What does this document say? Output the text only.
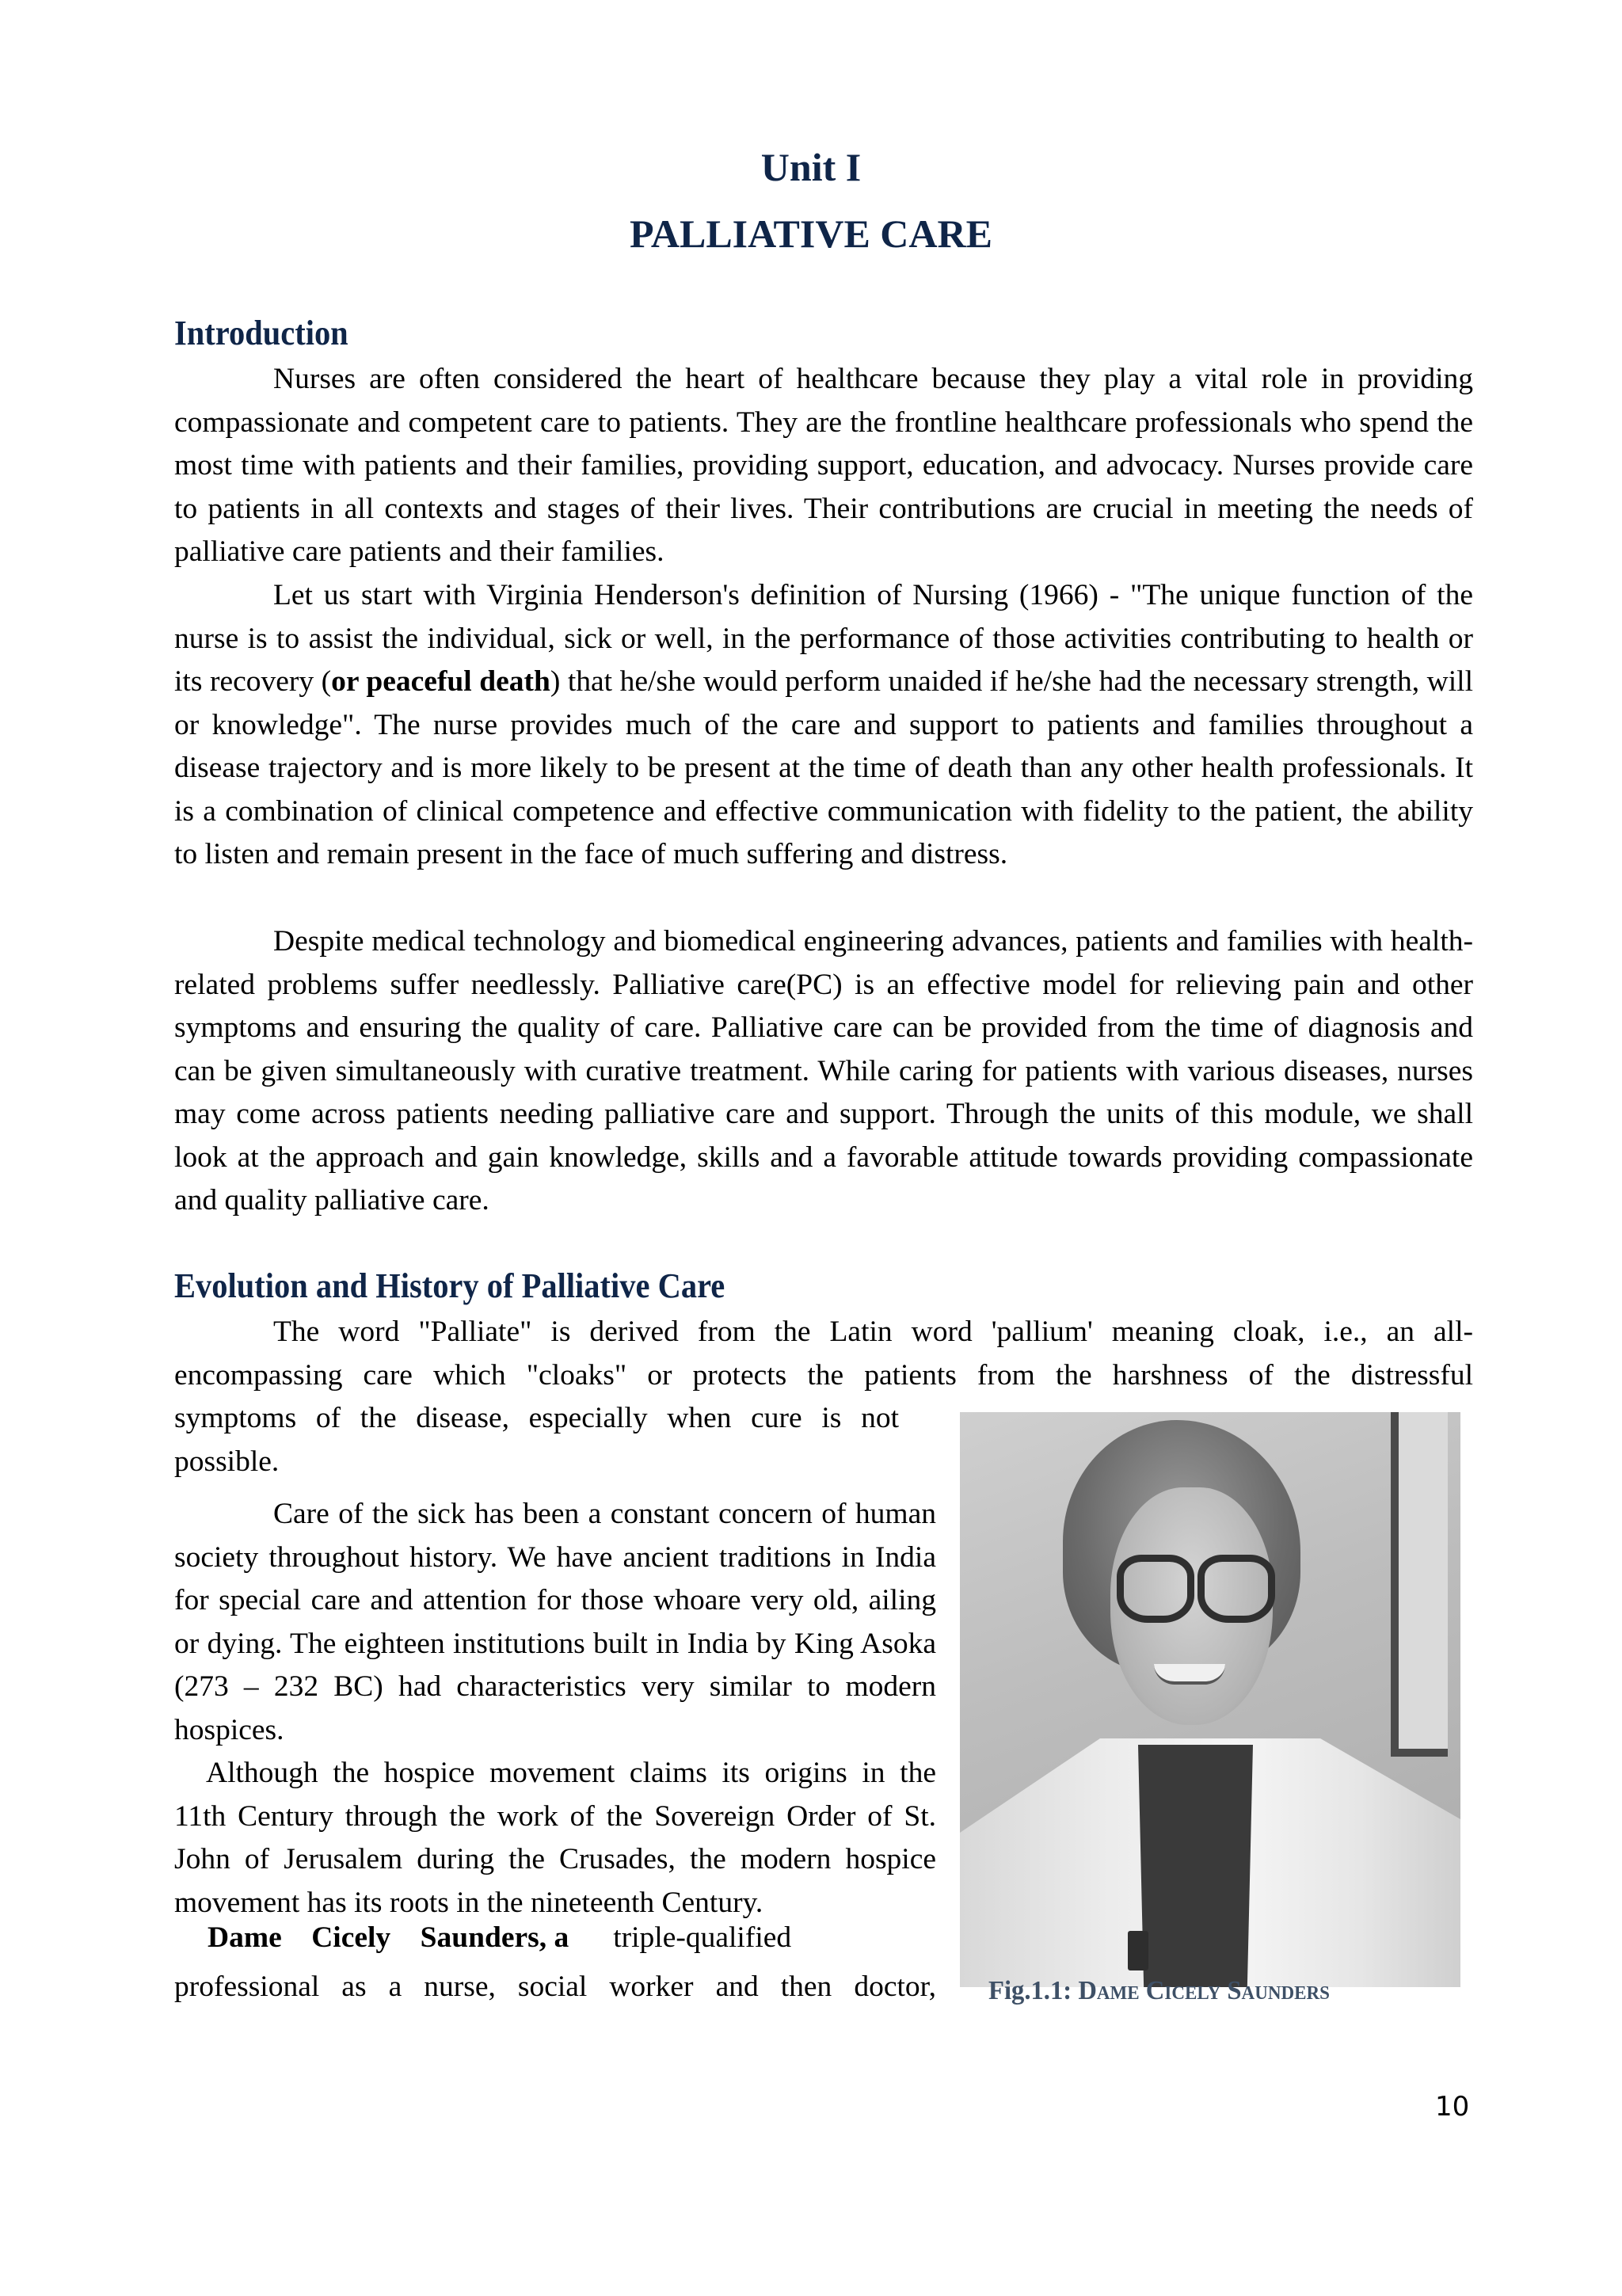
Unit I
PALLIATIVE CARE
Introduction
Nurses are often considered the heart of healthcare because they play a vital role in providing compassionate and competent care to patients. They are the frontline healthcare professionals who spend the most time with patients and their families, providing support, education, and advocacy. Nurses provide care to patients in all contexts and stages of their lives. Their contributions are crucial in meeting the needs of palliative care patients and their families.
Let us start with Virginia Henderson's definition of Nursing (1966) - "The unique function of the nurse is to assist the individual, sick or well, in the performance of those activities contributing to health or its recovery (or peaceful death) that he/she would perform unaided if he/she had the necessary strength, will or knowledge". The nurse provides much of the care and support to patients and families throughout a disease trajectory and is more likely to be present at the time of death than any other health professionals. It is a combination of clinical competence and effective communication with fidelity to the patient, the ability to listen and remain present in the face of much suffering and distress.
Despite medical technology and biomedical engineering advances, patients and families with health-related problems suffer needlessly. Palliative care(PC) is an effective model for relieving pain and other symptoms and ensuring the quality of care. Palliative care can be provided from the time of diagnosis and can be given simultaneously with curative treatment. While caring for patients with various diseases, nurses may come across patients needing palliative care and support. Through the units of this module, we shall look at the approach and gain knowledge, skills and a favorable attitude towards providing compassionate and quality palliative care.
Evolution and History of Palliative Care
The word "Palliate" is derived from the Latin word 'pallium' meaning cloak, i.e., an all-encompassing care which "cloaks" or protects the patients from the harshness of the distressful
symptoms of the disease, especially when cure is not possible.
Care of the sick has been a constant concern of human society throughout history. We have ancient traditions in India for special care and attention for those whoare very old, ailing or dying. The eighteen institutions built in India by King Asoka (273 – 232 BC) had characteristics very similar to modern hospices.
Although the hospice movement claims its origins in the 11th Century through the work of the Sovereign Order of St. John of Jerusalem during the Crusades, the modern hospice movement has its roots in the nineteenth Century.
Dame    Cicely    Saunders, a triple-qualified
professional as a nurse, social worker and then doctor, Fig.1.1: Dame Cicely Saunders
10
